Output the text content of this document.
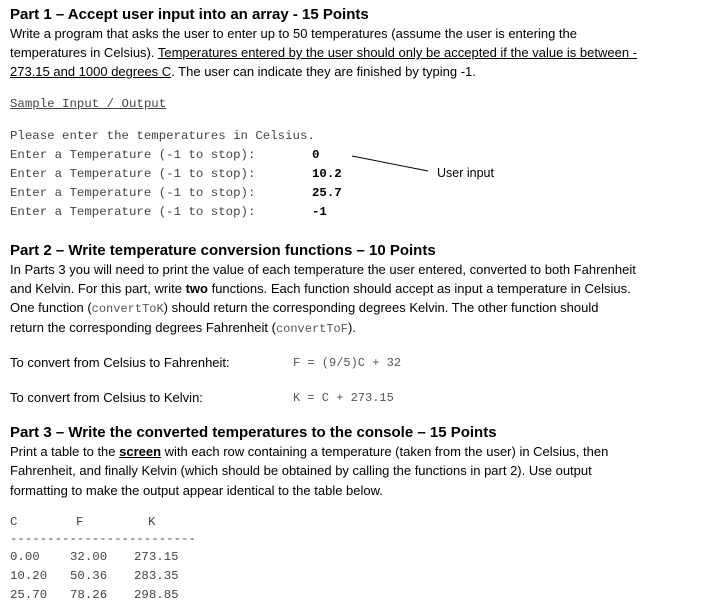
Part 1 – Accept user input into an array - 15 Points
Write a program that asks the user to enter up to 50 temperatures (assume the user is entering the
temperatures in Celsius). Temperatures entered by the user should only be accepted if the value is between -
273.15 and 1000 degrees C. The user can indicate they are finished by typing -1.
Sample Input / Output
Please enter the temperatures in Celsius.
Enter a Temperature (-1 to stop):	0
Enter a Temperature (-1 to stop):	10.2
Enter a Temperature (-1 to stop):	25.7
Enter a Temperature (-1 to stop):	-1
User input
Part 2 – Write temperature conversion functions – 10 Points
In Parts 3 you will need to print the value of each temperature the user entered, converted to both Fahrenheit
and Kelvin. For this part, write two functions. Each function should accept as input a temperature in Celsius.
One function (convertToK) should return the corresponding degrees Kelvin. The other function should
return the corresponding degrees Fahrenheit (convertToF).
To convert from Celsius to Fahrenheit:	F = (9/5)C + 32
To convert from Celsius to Kelvin:	K = C + 273.15
Part 3 – Write the converted temperatures to the console – 15 Points
Print a table to the screen with each row containing a temperature (taken from the user) in Celsius, then
Fahrenheit, and finally Kelvin (which should be obtained by calling the functions in part 2). Use output
formatting to make the output appear identical to the table below.
C	F	K
-------------------------
0.00 32.00 273.15
10.20 50.36 283.35
25.70 78.26 298.85
